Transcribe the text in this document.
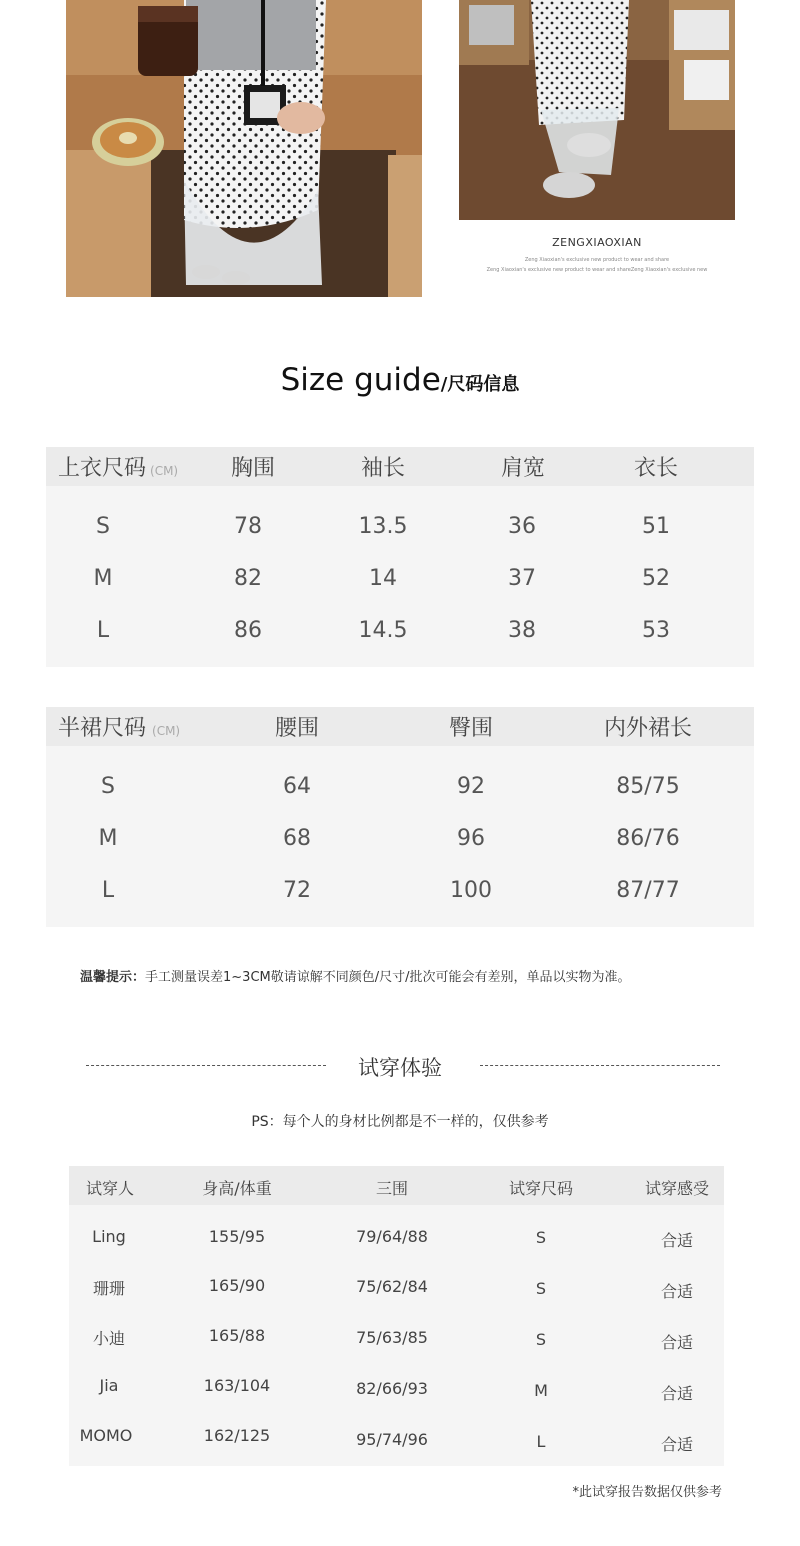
ZENGXIAOXIAN
Zeng Xiaoxian's exclusive new product to wear and share
Zeng Xiaoxian's exclusive new product to wear and shareZeng Xiaoxian's exclusive new
Size guide/尺码信息
上衣尺码 (CM)	胸围	袖长	肩宽	衣长
S	78	13.5	36	51
M	82	14	37	52
L	86	14.5	38	53
半裙尺码 (CM)	腰围	臀围	内外裙长
S	64	92	85/75
M	68	96	86/76
L	72	100	87/77
温馨提示：手工测量误差1~3CM敬请谅解不同颜色/尺寸/批次可能会有差别，单品以实物为准。
试穿体验
PS：每个人的身材比例都是不一样的，仅供参考
试穿人	身高/体重	三围	试穿尺码	试穿感受
Ling	155/95	79/64/88	S	合适
珊珊	165/90	75/62/84	S	合适
小迪	165/88	75/63/85	S	合适
Jia	163/104	82/66/93	M	合适
MOMO	162/125	95/74/96	L	合适
*此试穿报告数据仅供参考
